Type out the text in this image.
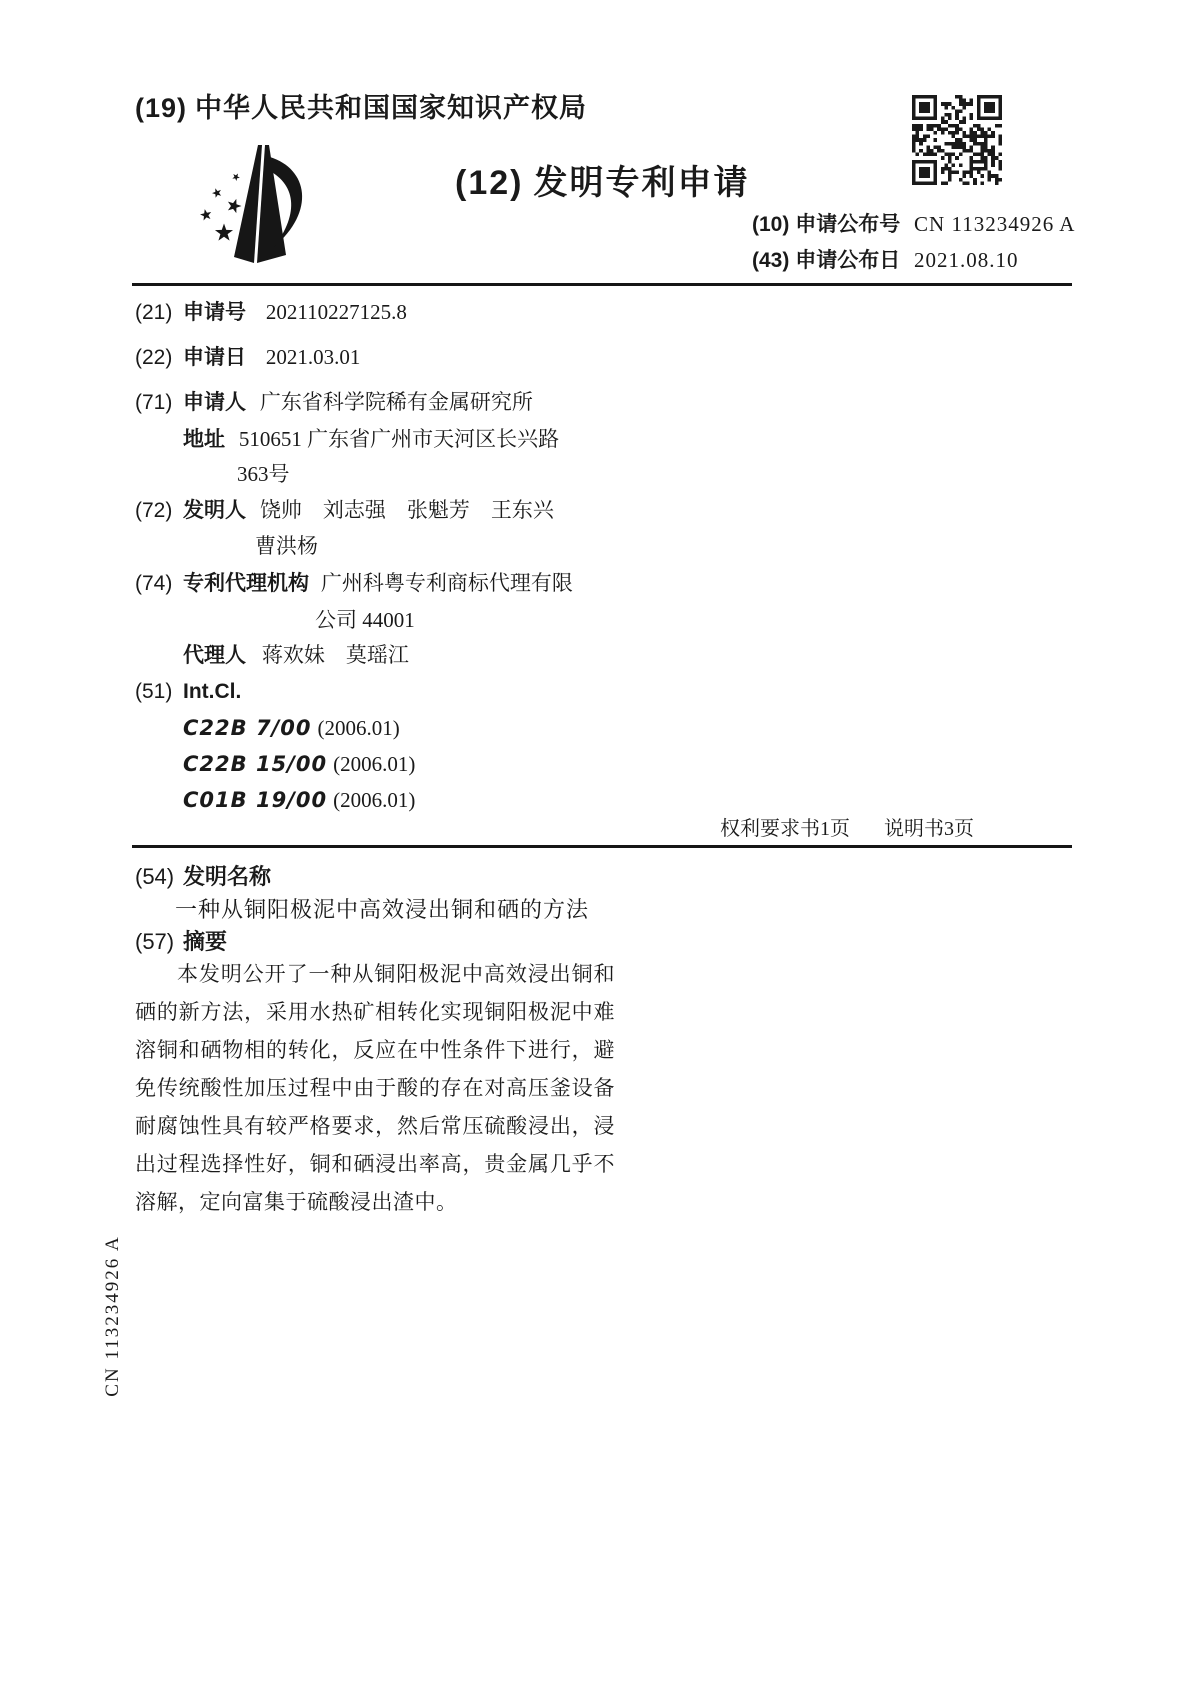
(19) 中华人民共和国国家知识产权局
(12) 发明专利申请
(10) 申请公布号 CN 113234926 A
(43) 申请公布日 2021.08.10
(21) 申请号 202110227125.8
(22) 申请日 2021.03.01
(71) 申请人 广东省科学院稀有金属研究所
地址 510651 广东省广州市天河区长兴路
363号
(72) 发明人 饶帅　刘志强　张魁芳　王东兴
曹洪杨
(74) 专利代理机构 广州科粤专利商标代理有限
公司 44001
代理人 蒋欢妹　莫瑶江
(51) Int.Cl.
C22B 7/00 (2006.01)
C22B 15/00 (2006.01)
C01B 19/00 (2006.01)
权利要求书1页 说明书3页
(54) 发明名称
一种从铜阳极泥中高效浸出铜和硒的方法
(57) 摘要
本发明公开了一种从铜阳极泥中高效浸出铜和硒的新方法，采用水热矿相转化实现铜阳极泥中难溶铜和硒物相的转化，反应在中性条件下进行，避免传统酸性加压过程中由于酸的存在对高压釜设备耐腐蚀性具有较严格要求，然后常压硫酸浸出，浸出过程选择性好，铜和硒浸出率高，贵金属几乎不溶解，定向富集于硫酸浸出渣中。
CN 113234926 A
